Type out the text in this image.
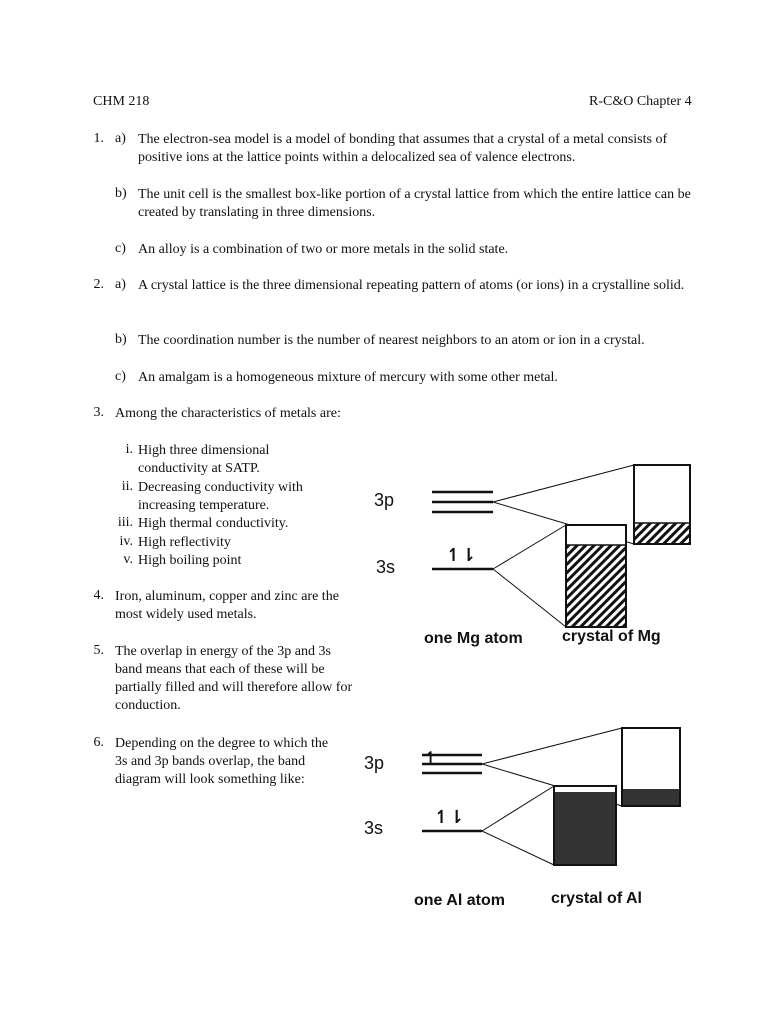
CHM 218	R-C&O Chapter 4
1. a) The electron-sea model is a model of bonding that assumes that a crystal of a metal consists of positive ions at the lattice points within a delocalized sea of valence electrons.
b) The unit cell is the smallest box-like portion of a crystal lattice from which the entire lattice can be created by translating in three dimensions.
c) An alloy is a combination of two or more metals in the solid state.
2. a) A crystal lattice is the three dimensional repeating pattern of atoms (or ions) in a crystalline solid.
b) The coordination number is the number of nearest neighbors to an atom or ion in a crystal.
c) An amalgam is a homogeneous mixture of mercury with some other metal.
3. Among the characteristics of metals are:
i. High three dimensional conductivity at SATP.
ii. Decreasing conductivity with increasing temperature.
iii. High thermal conductivity.
iv. High reflectivity
v. High boiling point
4. Iron, aluminum, copper and zinc are the most widely used metals.
5. The overlap in energy of the 3p and 3s band means that each of these will be partially filled and will therefore allow for conduction.
6. Depending on the degree to which the 3s and 3p bands overlap, the band diagram will look something like:
3p
3s
↿⇂
one Mg atom crystal of Mg
3p
3s
↿
↿⇂
one Al atom	crystal of Al
